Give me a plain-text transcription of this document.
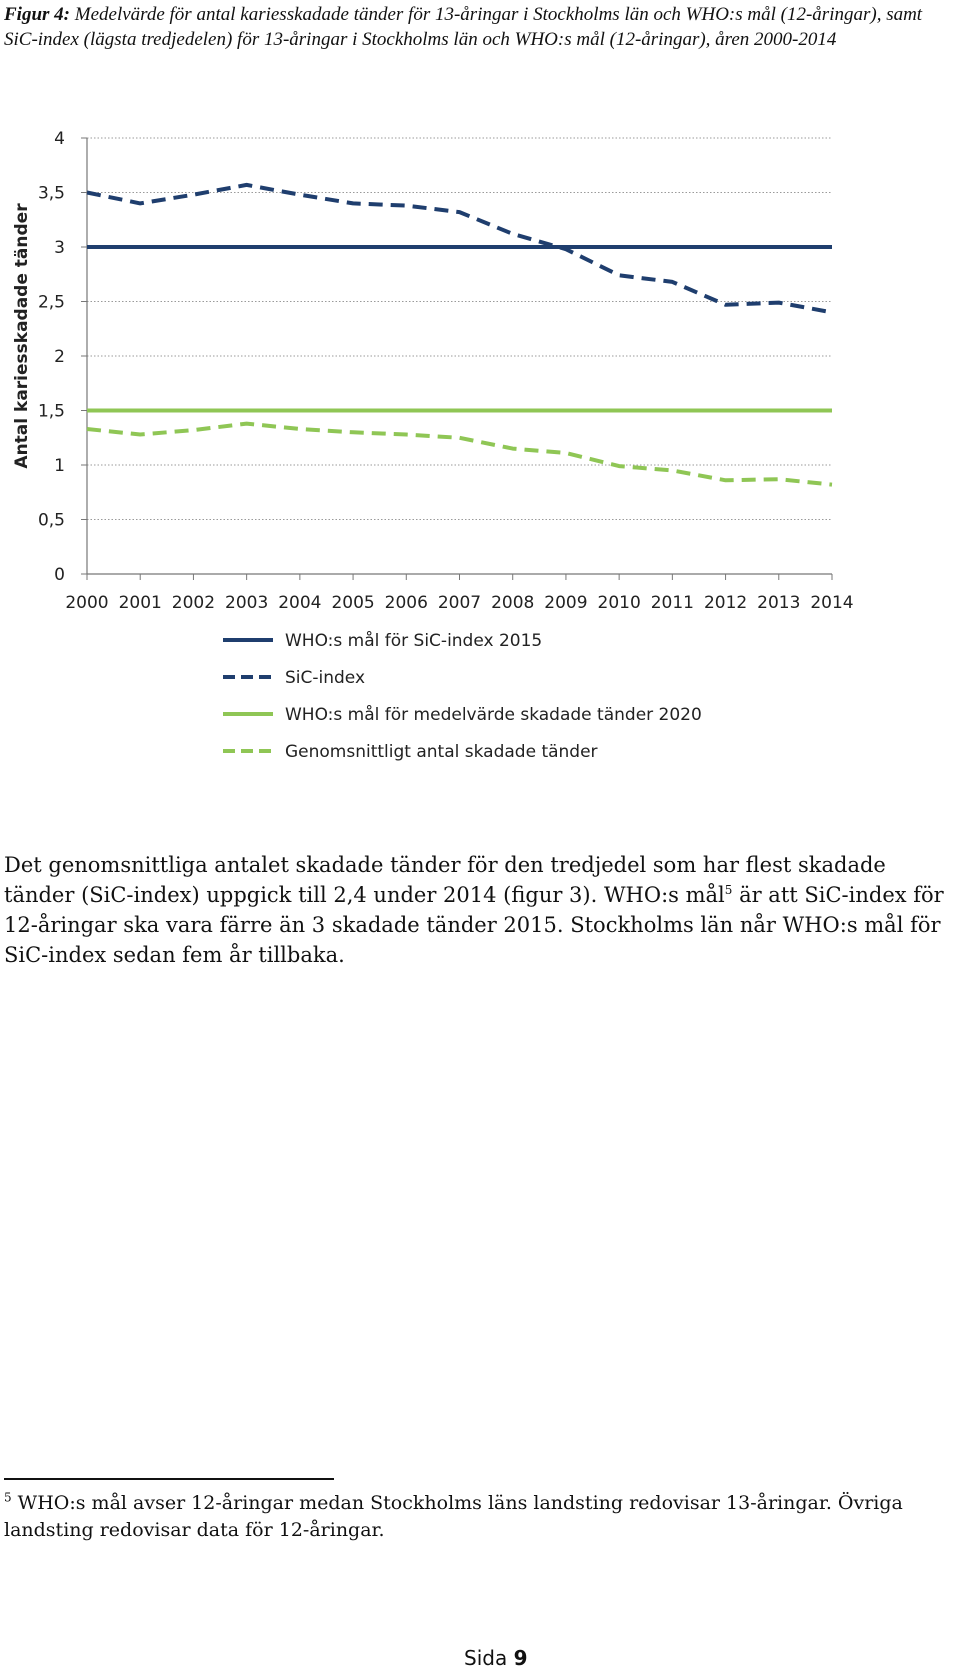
Figur 4: Medelvärde för antal kariesskadade tänder för 13-åringar i Stockholms län och WHO:s mål (12-åringar), samt SiC-index (lägsta tredjedelen) för 13-åringar i Stockholms län och WHO:s mål (12-åringar), åren 2000-2014
0
0,5
1
1,5
2
2,5
3
3,5
4
2000 2001 2002 2003 2004 2005 2006 2007 2008 2009 2010 2011 2012 2013 2014
WHO:s mål för SiC-index 2015
SiC-index
WHO:s mål för medelvärde skadade tänder 2020
Genomsnittligt antal skadade tänder
Antal kariesskadade tänder
Det genomsnittliga antalet skadade tänder för den tredjedel som har flest skadade tänder (SiC-index) uppgick till 2,4 under 2014 (figur 3). WHO:s mål$^5$ är att SiC-index för 12-åringar ska vara färre än 3 skadade tänder 2015. Stockholms län når WHO:s mål för SiC-index sedan fem år tillbaka.
$^5$ WHO:s mål avser 12-åringar medan Stockholms läns landsting redovisar 13-åringar. Övriga landsting redovisar data för 12-åringar.
Sida 9
